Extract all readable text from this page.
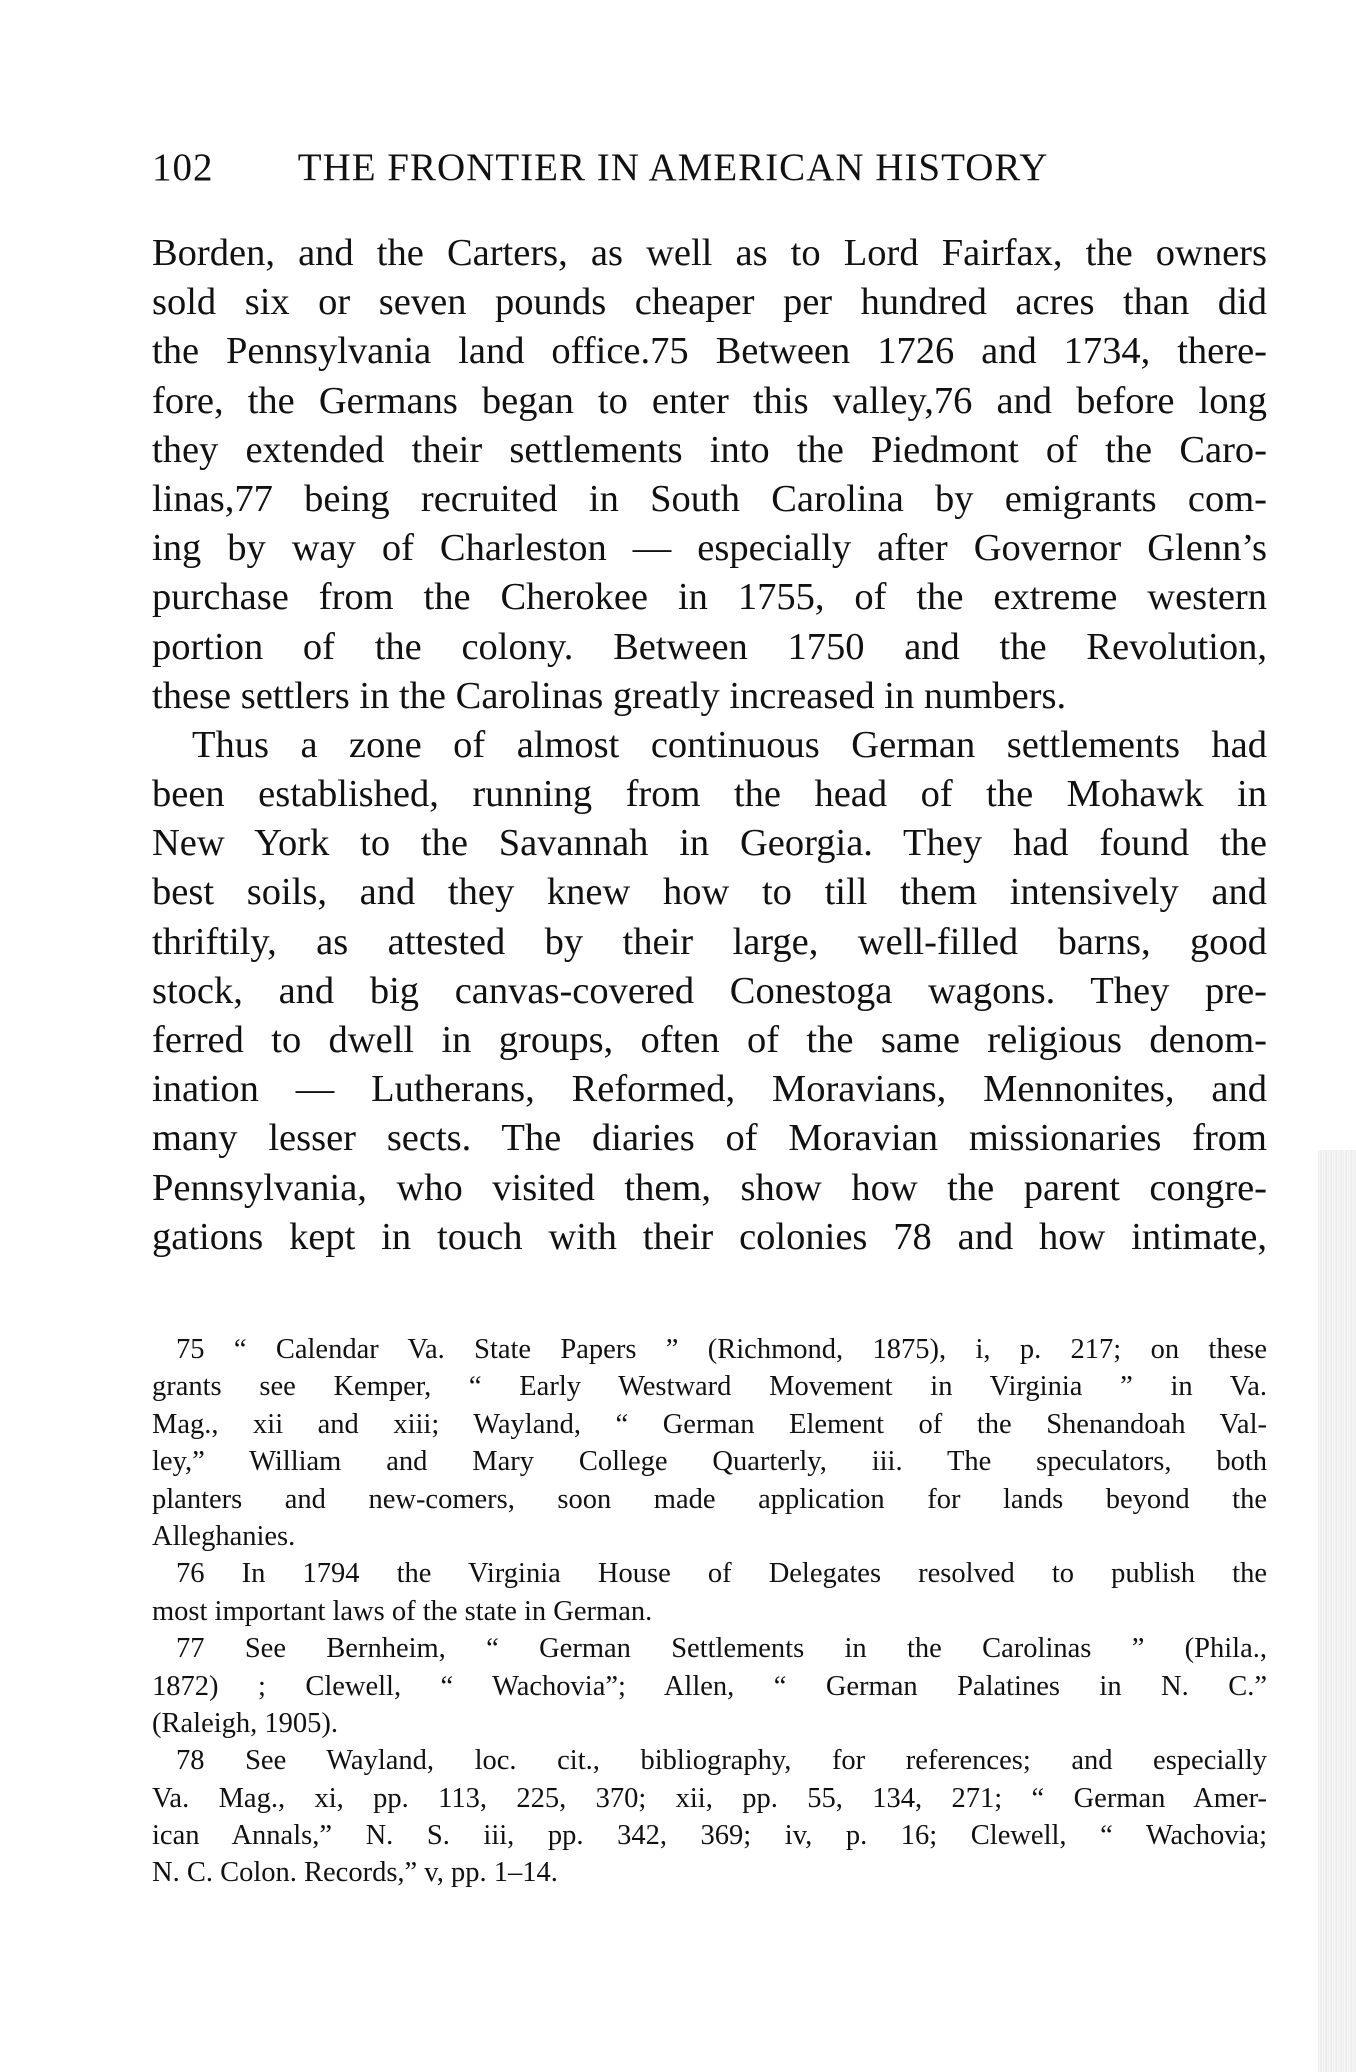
102 THE FRONTIER IN AMERICAN HISTORY
Borden, and the Carters, as well as to Lord Fairfax, the owners
sold six or seven pounds cheaper per hundred acres than did
the Pennsylvania land office.75 Between 1726 and 1734, there-
fore, the Germans began to enter this valley,76 and before long
they extended their settlements into the Piedmont of the Caro-
linas,77 being recruited in South Carolina by emigrants com-
ing by way of Charleston — especially after Governor Glenn’s
purchase from the Cherokee in 1755, of the extreme western
portion of the colony. Between 1750 and the Revolution,
these settlers in the Carolinas greatly increased in numbers.
Thus a zone of almost continuous German settlements had
been established, running from the head of the Mohawk in
New York to the Savannah in Georgia. They had found the
best soils, and they knew how to till them intensively and
thriftily, as attested by their large, well-filled barns, good
stock, and big canvas-covered Conestoga wagons. They pre-
ferred to dwell in groups, often of the same religious denom-
ination — Lutherans, Reformed, Moravians, Mennonites, and
many lesser sects. The diaries of Moravian missionaries from
Pennsylvania, who visited them, show how the parent congre-
gations kept in touch with their colonies 78 and how intimate,
75 “ Calendar Va. State Papers ” (Richmond, 1875), i, p. 217; on these
grants see Kemper, “ Early Westward Movement in Virginia ” in Va.
Mag., xii and xiii; Wayland, “ German Element of the Shenandoah Val-
ley,” William and Mary College Quarterly, iii. The speculators, both
planters and new-comers, soon made application for lands beyond the
Alleghanies.
76 In 1794 the Virginia House of Delegates resolved to publish the
most important laws of the state in German.
77 See Bernheim, “ German Settlements in the Carolinas ” (Phila.,
1872) ; Clewell, “ Wachovia”; Allen, “ German Palatines in N. C.”
(Raleigh, 1905).
78 See Wayland, loc. cit., bibliography, for references; and especially
Va. Mag., xi, pp. 113, 225, 370; xii, pp. 55, 134, 271; “ German Amer-
ican Annals,” N. S. iii, pp. 342, 369; iv, p. 16; Clewell, “ Wachovia;
N. C. Colon. Records,” v, pp. 1–14.
